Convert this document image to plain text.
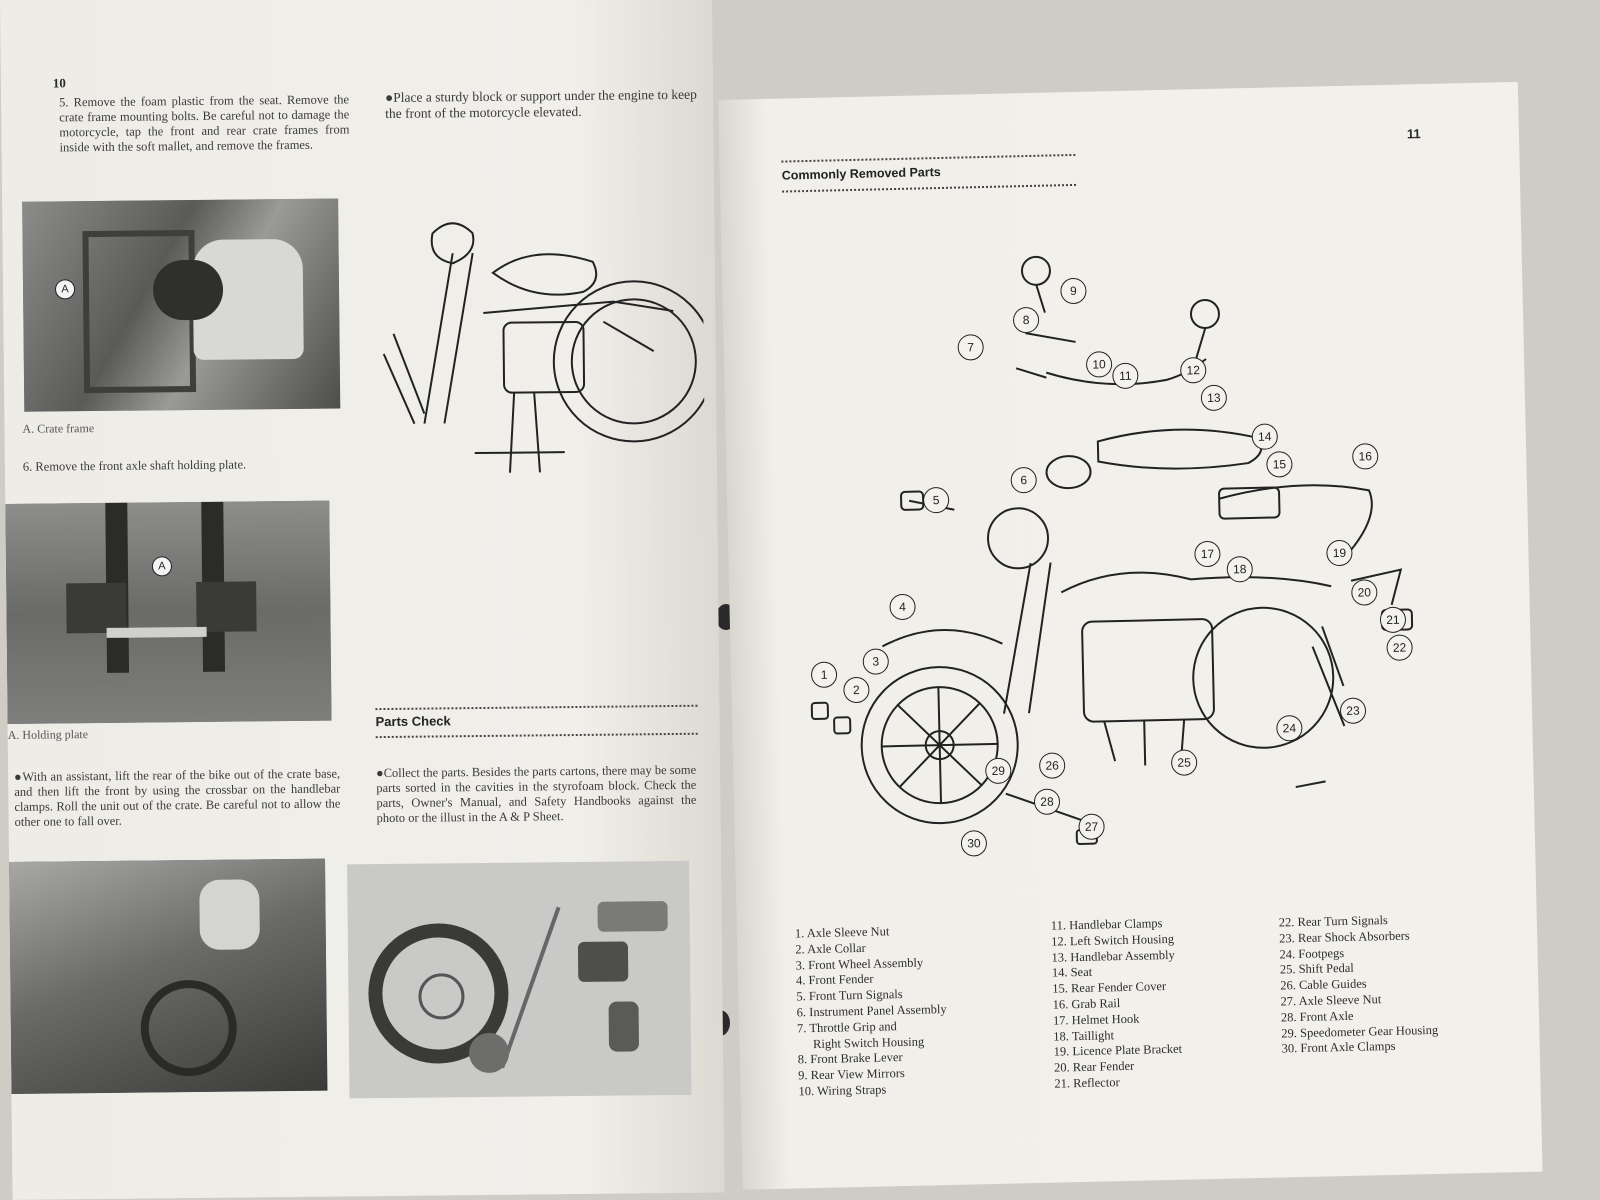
10
5. Remove the foam plastic from the seat. Remove the crate frame mounting bolts. Be careful not to damage the motorcycle, tap the front and rear crate frames from inside with the soft mallet, and remove the frames.
●Place a sturdy block or support under the engine to keep the front of the motorcycle elevated.
A
A. Crate frame
6. Remove the front axle shaft holding plate.
A
A. Holding plate
Parts Check
●With an assistant, lift the rear of the bike out of the crate base, and then lift the front by using the crossbar on the handlebar clamps. Roll the unit out of the crate. Be careful not to allow the other one to fall over.
●Collect the parts. Besides the parts cartons, there may be some parts sorted in the cavities in the styrofoam block. Check the parts, Owner's Manual, and Safety Handbooks against the photo or the illust in the A & P Sheet.
11
Commonly Removed Parts
1
2
3
4
5
6
7
8
9
10
11	12
13
14
15
16
17
18
19
20
21
22
23
24
25
26
27
28
29
30
1. Axle Sleeve Nut
2. Axle Collar
3. Front Wheel Assembly
4. Front Fender
5. Front Turn Signals
6. Instrument Panel Assembly
7. Throttle Grip and
Right Switch Housing
8. Front Brake Lever
9. Rear View Mirrors
10. Wiring Straps
11. Handlebar Clamps
12. Left Switch Housing
13. Handlebar Assembly
14. Seat
15. Rear Fender Cover
16. Grab Rail
17. Helmet Hook
18. Taillight
19. Licence Plate Bracket
20. Rear Fender
21. Reflector
22. Rear Turn Signals
23. Rear Shock Absorbers
24. Footpegs
25. Shift Pedal
26. Cable Guides
27. Axle Sleeve Nut
28. Front Axle
29. Speedometer Gear Housing
30. Front Axle Clamps
